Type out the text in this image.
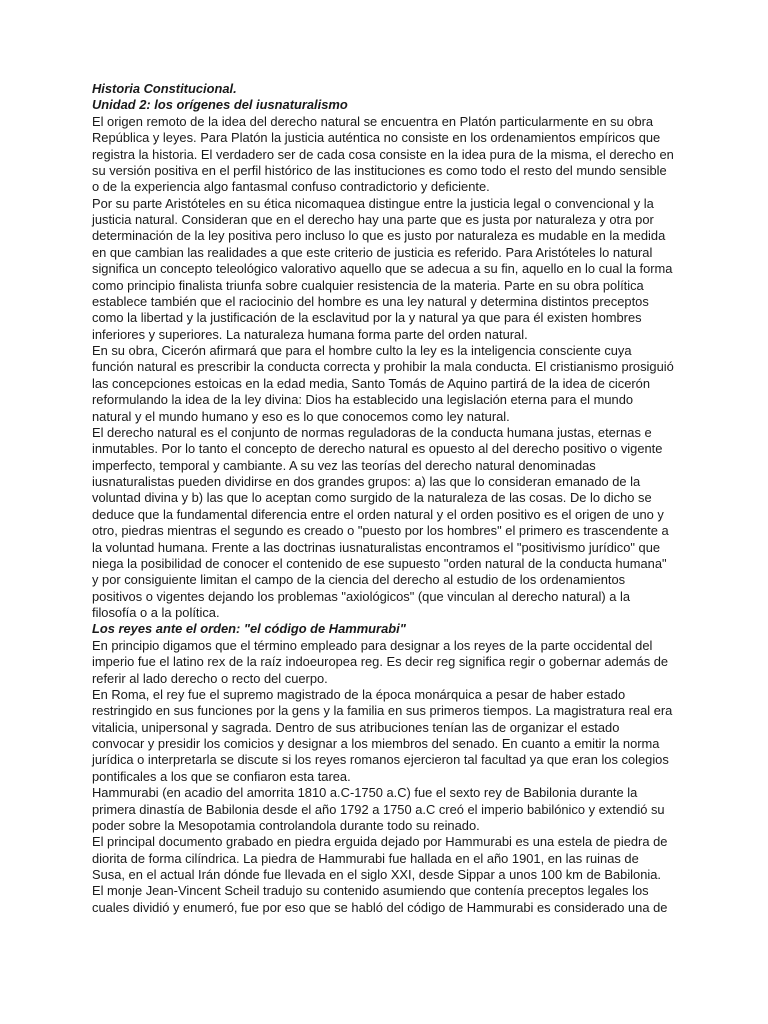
Historia Constitucional.
Unidad 2: los orígenes del iusnaturalismo
El origen remoto de la idea del derecho natural se encuentra en Platón particularmente en su obra
República y leyes. Para Platón la justicia auténtica no consiste en los ordenamientos empíricos que
registra la historia. El verdadero ser de cada cosa consiste en la idea pura de la misma, el derecho en
su versión positiva en el perfil histórico de las instituciones es como todo el resto del mundo sensible
o de la experiencia algo fantasmal confuso contradictorio y deficiente.
Por su parte Aristóteles en su ética nicomaquea distingue entre la justicia legal o convencional y la
justicia natural. Consideran que en el derecho hay una parte que es justa por naturaleza y otra por
determinación de la ley positiva pero incluso lo que es justo por naturaleza es mudable en la medida
en que cambian las realidades a que este criterio de justicia es referido. Para Aristóteles lo natural
significa un concepto teleológico valorativo aquello que se adecua a su fin, aquello en lo cual la forma
como principio finalista triunfa sobre cualquier resistencia de la materia. Parte en su obra política
establece también que el raciocinio del hombre es una ley natural y determina distintos preceptos
como la libertad y la justificación de la esclavitud por la y natural ya que para él existen hombres
inferiores y superiores. La naturaleza humana forma parte del orden natural.
En su obra, Cicerón afirmará que para el hombre culto la ley es la inteligencia consciente cuya
función natural es prescribir la conducta correcta y prohibir la mala conducta. El cristianismo prosiguió
las concepciones estoicas en la edad media, Santo Tomás de Aquino partirá de la idea de cicerón
reformulando la idea de la ley divina: Dios ha establecido una legislación eterna para el mundo
natural y el mundo humano y eso es lo que conocemos como ley natural.
El derecho natural es el conjunto de normas reguladoras de la conducta humana justas, eternas e
inmutables. Por lo tanto el concepto de derecho natural es opuesto al del derecho positivo o vigente
imperfecto, temporal y cambiante. A su vez las teorías del derecho natural denominadas
iusnaturalistas pueden dividirse en dos grandes grupos: a) las que lo consideran emanado de la
voluntad divina y b) las que lo aceptan como surgido de la naturaleza de las cosas. De lo dicho se
deduce que la fundamental diferencia entre el orden natural y el orden positivo es el origen de uno y
otro, piedras mientras el segundo es creado o "puesto por los hombres" el primero es trascendente a
la voluntad humana. Frente a las doctrinas iusnaturalistas encontramos el "positivismo jurídico" que
niega la posibilidad de conocer el contenido de ese supuesto "orden natural de la conducta humana"
y por consiguiente limitan el campo de la ciencia del derecho al estudio de los ordenamientos
positivos o vigentes dejando los problemas "axiológicos" (que vinculan al derecho natural) a la
filosofía o a la política.
Los reyes ante el orden: "el código de Hammurabi"
En principio digamos que el término empleado para designar a los reyes de la parte occidental del
imperio fue el latino rex de la raíz indoeuropea reg. Es decir reg significa regir o gobernar además de
referir al lado derecho o recto del cuerpo.
En Roma, el rey fue el supremo magistrado de la época monárquica a pesar de haber estado
restringido en sus funciones por la gens y la familia en sus primeros tiempos. La magistratura real era
vitalicia, unipersonal y sagrada. Dentro de sus atribuciones tenían las de organizar el estado
convocar y presidir los comicios y designar a los miembros del senado. En cuanto a emitir la norma
jurídica o interpretarla se discute si los reyes romanos ejercieron tal facultad ya que eran los colegios
pontificales a los que se confiaron esta tarea.
Hammurabi (en acadio del amorrita 1810 a.C-1750 a.C) fue el sexto rey de Babilonia durante la
primera dinastía de Babilonia desde el año 1792 a 1750 a.C creó el imperio babilónico y extendió su
poder sobre la Mesopotamia controlandola durante todo su reinado.
El principal documento grabado en piedra erguida dejado por Hammurabi es una estela de piedra de
diorita de forma cilíndrica. La piedra de Hammurabi fue hallada en el año 1901, en las ruinas de
Susa, en el actual Irán dónde fue llevada en el siglo XXI, desde Sippar a unos 100 km de Babilonia.
El monje Jean-Vincent Scheil tradujo su contenido asumiendo que contenía preceptos legales los
cuales dividió y enumeró, fue por eso que se habló del código de Hammurabi es considerado una de
